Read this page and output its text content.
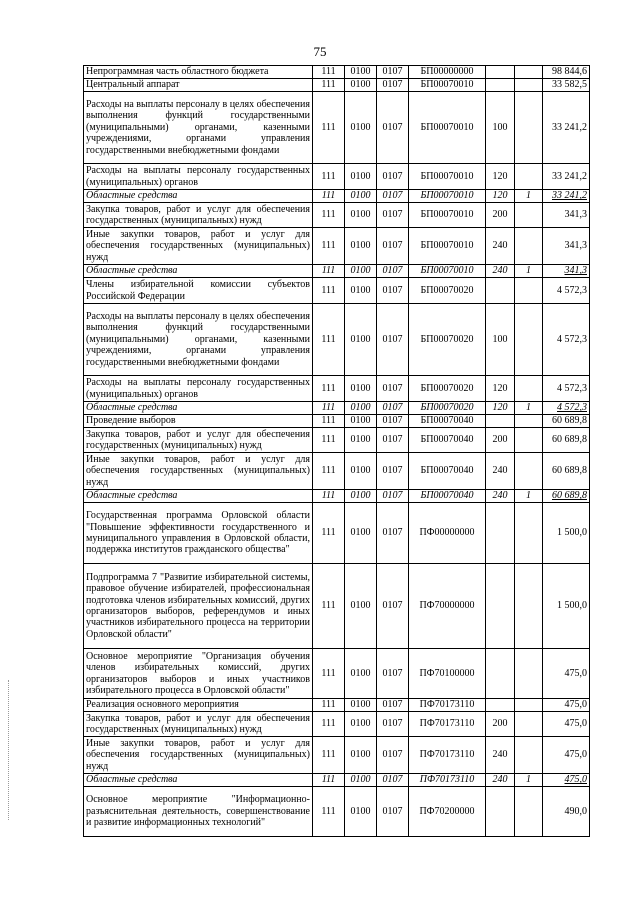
75
Непрограммная часть областного бюджета	111	0100	0107	БП00000000			98 844,6
Центральный аппарат	111	0100	0107	БП00070010			33 582,5
Расходы на выплаты персоналу в целях обеспечения выполнения функций государственными (муниципальными) органами, казенными учреждениями, органами управления государственными внебюджетными фондами	111	0100	0107	БП00070010	100		33 241,2
Расходы на выплаты персоналу государственных (муниципальных) органов	111	0100	0107	БП00070010	120		33 241,2
Областные средства	111	0100	0107	БП00070010	120	1	33 241,2
Закупка товаров, работ и услуг для обеспечения государственных (муниципальных) нужд	111	0100	0107	БП00070010	200		341,3
Иные закупки товаров, работ и услуг для обеспечения государственных (муниципальных) нужд	111	0100	0107	БП00070010	240		341,3
Областные средства	111	0100	0107	БП00070010	240	1	341,3
Члены избирательной комиссии субъектов Российской Федерации	111	0100	0107	БП00070020			4 572,3
Расходы на выплаты персоналу в целях обеспечения выполнения функций государственными (муниципальными) органами, казенными учреждениями, органами управления государственными внебюджетными фондами	111	0100	0107	БП00070020	100		4 572,3
Расходы на выплаты персоналу государственных (муниципальных) органов	111	0100	0107	БП00070020	120		4 572,3
Областные средства	111	0100	0107	БП00070020	120	1	4 572,3
Проведение выборов	111	0100	0107	БП00070040			60 689,8
Закупка товаров, работ и услуг для обеспечения государственных (муниципальных) нужд	111	0100	0107	БП00070040	200		60 689,8
Иные закупки товаров, работ и услуг для обеспечения государственных (муниципальных) нужд	111	0100	0107	БП00070040	240		60 689,8
Областные средства	111	0100	0107	БП00070040	240	1	60 689,8
Государственная программа Орловской области "Повышение эффективности государственного и муниципального управления в Орловской области, поддержка институтов гражданского общества"	111	0100	0107	ПФ00000000			1 500,0
Подпрограмма 7 "Развитие избирательной системы, правовое обучение избирателей, профессиональная подготовка членов избирательных комиссий, других организаторов выборов, референдумов и иных участников избирательного процесса на территории Орловской области"	111	0100	0107	ПФ70000000			1 500,0
Основное мероприятие "Организация обучения членов избирательных комиссий, других организаторов выборов и иных участников избирательного процесса в Орловской области"	111	0100	0107	ПФ70100000			475,0
Реализация основного мероприятия	111	0100	0107	ПФ70173110			475,0
Закупка товаров, работ и услуг для обеспечения государственных (муниципальных) нужд	111	0100	0107	ПФ70173110	200		475,0
Иные закупки товаров, работ и услуг для обеспечения государственных (муниципальных) нужд	111	0100	0107	ПФ70173110	240		475,0
Областные средства	111	0100	0107	ПФ70173110	240	1	475,0
Основное мероприятие "Информационно-разъяснительная деятельность, совершенствование и развитие информационных технологий"	111	0100	0107	ПФ70200000			490,0
